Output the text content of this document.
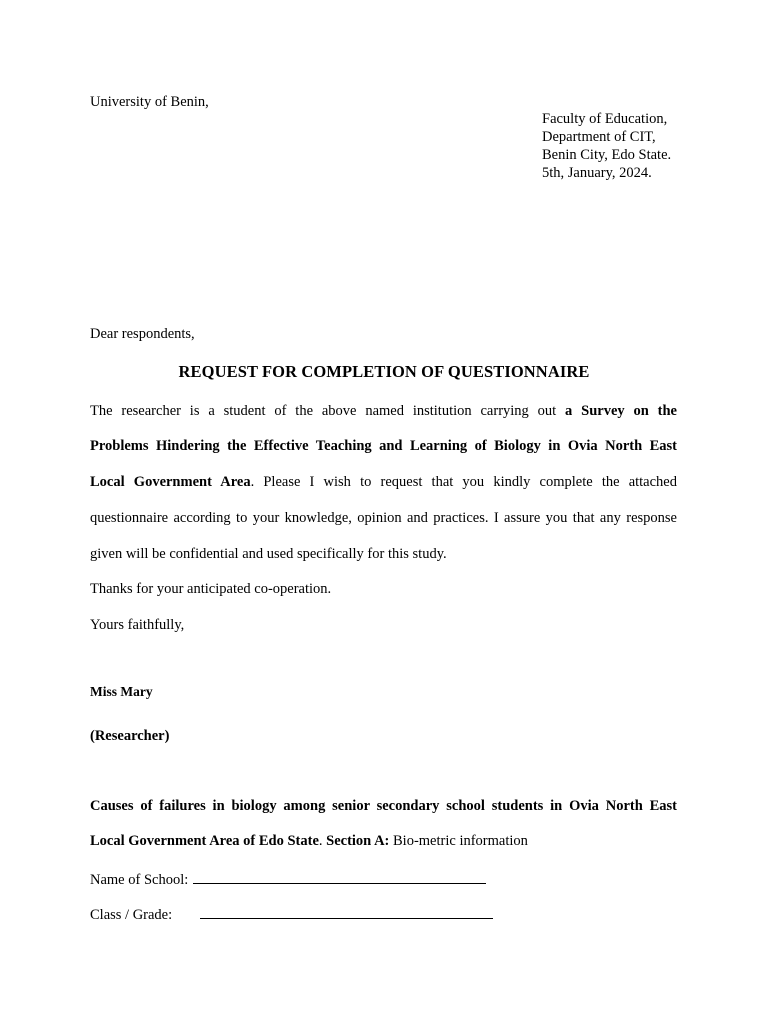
University of Benin,
Faculty of Education,
Department of CIT,
Benin City, Edo State.
5th, January, 2024.
Dear respondents,
REQUEST FOR COMPLETION OF QUESTIONNAIRE
The researcher is a student of the above named institution carrying out a Survey on the
Problems Hindering the Effective Teaching and Learning of Biology in Ovia North East
Local Government Area. Please I wish to request that you kindly complete the attached
questionnaire according to your knowledge, opinion and practices. I assure you that any response
given will be confidential and used specifically for this study.
Thanks for your anticipated co-operation.
Yours faithfully,
Miss Mary
(Researcher)
Causes of failures in biology among senior secondary school students in Ovia North East
Local Government Area of Edo State. Section A: Bio-metric information
Name of School:
Class / Grade:
